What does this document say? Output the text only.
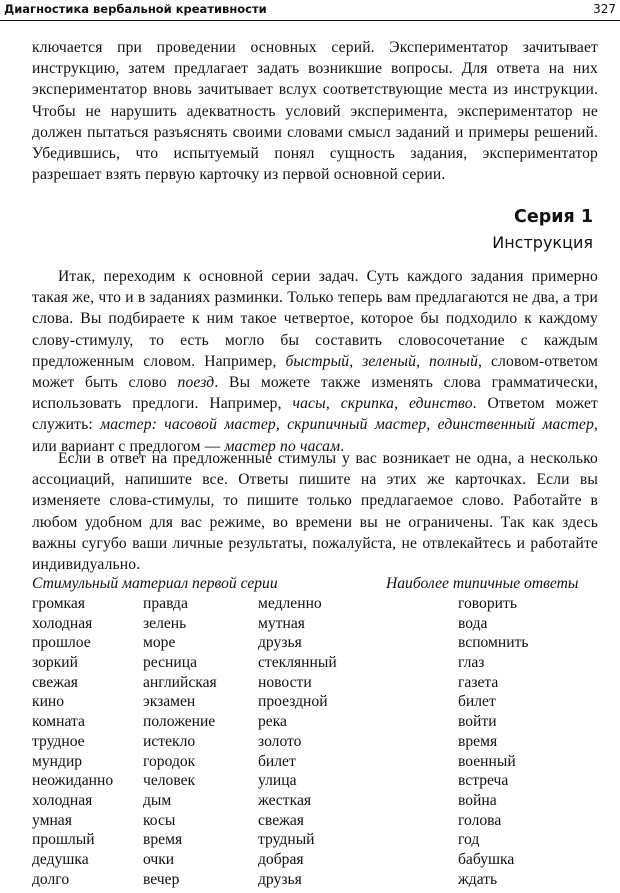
Диагностика вербальной креативности	327

ключается при проведении основных серий. Экспериментатор зачитывает инструкцию, затем предлагает задать возникшие вопросы. Для ответа на них экспериментатор вновь зачитывает вслух соответствующие места из инструкции. Чтобы не нарушить адекватность условий эксперимента, экспериментатор не должен пытаться разъяснять своими словами смысл заданий и примеры решений. Убедившись, что испытуемый понял сущность задания, экспериментатор разрешает взять первую карточку из первой основной серии.

Серия 1
Инструкция

Итак, переходим к основной серии задач. Суть каждого задания примерно такая же, что и в заданиях разминки. Только теперь вам предлагаются не два, а три слова. Вы подбираете к ним такое четвертое, которое бы подходило к каждому слову-стимулу, то есть могло бы составить словосочетание с каждым предложенным словом. Например, быстрый, зеленый, полный, словом-ответом может быть слово поезд. Вы можете также изменять слова грамматически, использовать предлоги. Например, часы, скрипка, единство. Ответом может служить: мастер: часовой мастер, скрипичный мастер, единственный мастер, или вариант с предлогом — мастер по часам.

Если в ответ на предложенные стимулы у вас возникает не одна, а несколько ассоциаций, напишите все. Ответы пишите на этих же карточках. Если вы изменяете слова-стимулы, то пишите только предлагаемое слово. Работайте в любом удобном для вас режиме, во времени вы не ограничены. Так как здесь важны сугубо ваши личные результаты, пожалуйста, не отвлекайтесь и работайте индивидуально.

Стимульный материал первой серии	Наиболее типичные ответы
громкая
холодная
прошлое
зоркий
свежая
кино
комната
трудное
мундир
неожиданно
холодная
умная
прошлый
дедушка
долго
правда
зелень
море
ресница
английская
экзамен
положение
истекло
городок
человек
дым
косы
время
очки
вечер
медленно
мутная
друзья
стеклянный
новости
проездной
река
золото
билет
улица
жесткая
свежая
трудный
добрая
друзья
говорить
вода
вспомнить
глаз
газета
билет
войти
время
военный
встреча
война
голова
год
бабушка
ждать
